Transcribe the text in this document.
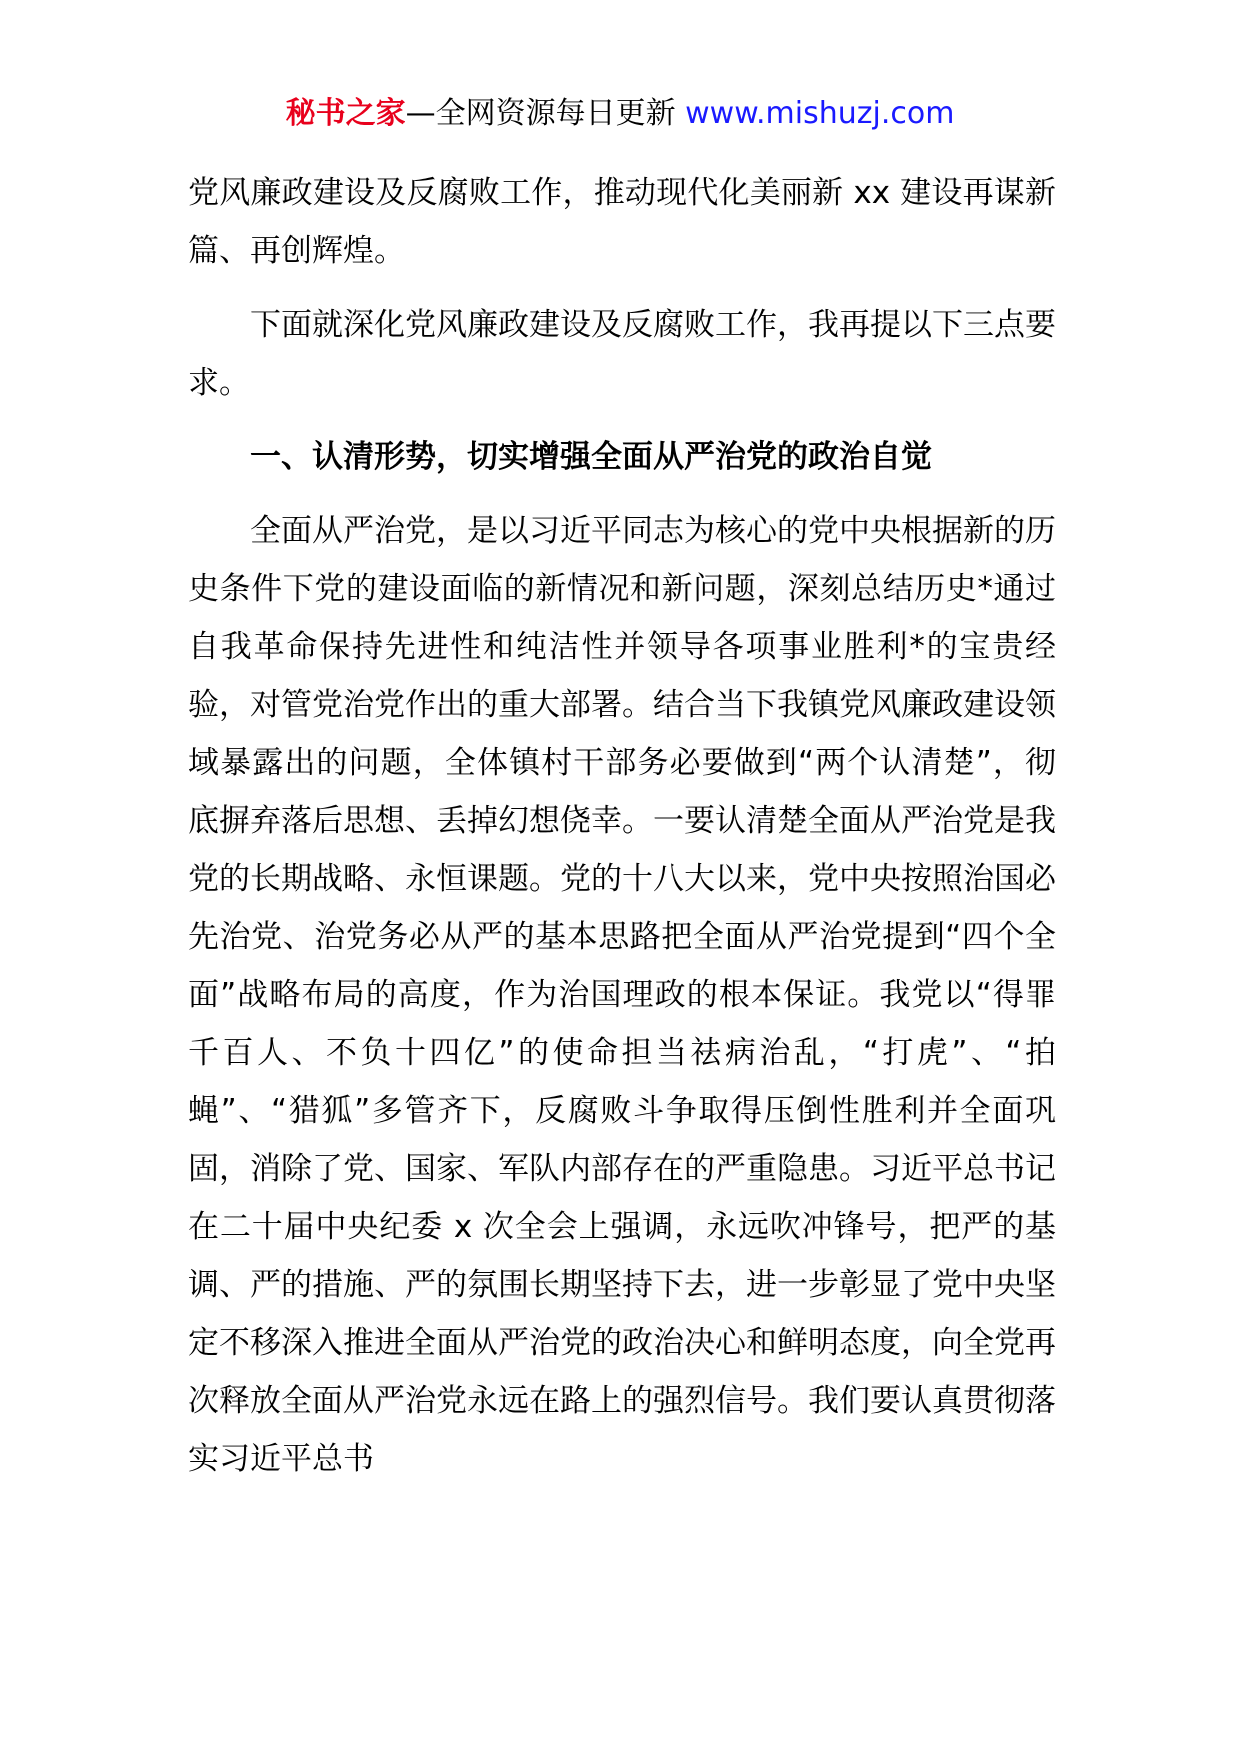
秘书之家—全网资源每日更新 www.mishuzj.com

党风廉政建设及反腐败工作，推动现代化美丽新 xx 建设再谋新篇、再创辉煌。

下面就深化党风廉政建设及反腐败工作，我再提以下三点要求。

一、认清形势，切实增强全面从严治党的政治自觉

全面从严治党，是以习近平同志为核心的党中央根据新的历史条件下党的建设面临的新情况和新问题，深刻总结历史*通过自我革命保持先进性和纯洁性并领导各项事业胜利*的宝贵经验，对管党治党作出的重大部署。结合当下我镇党风廉政建设领域暴露出的问题，全体镇村干部务必要做到“两个认清楚”，彻底摒弃落后思想、丢掉幻想侥幸。一要认清楚全面从严治党是我党的长期战略、永恒课题。党的十八大以来，党中央按照治国必先治党、治党务必从严的基本思路把全面从严治党提到“四个全面”战略布局的高度，作为治国理政的根本保证。我党以“得罪千百人、不负十四亿”的使命担当祛病治乱，“打虎”、“拍蝇”、“猎狐”多管齐下，反腐败斗争取得压倒性胜利并全面巩固，消除了党、国家、军队内部存在的严重隐患。习近平总书记在二十届中央纪委 x 次全会上强调，永远吹冲锋号，把严的基调、严的措施、严的氛围长期坚持下去，进一步彰显了党中央坚定不移深入推进全面从严治党的政治决心和鲜明态度，向全党再次释放全面从严治党永远在路上的强烈信号。我们要认真贯彻落实习近平总书
